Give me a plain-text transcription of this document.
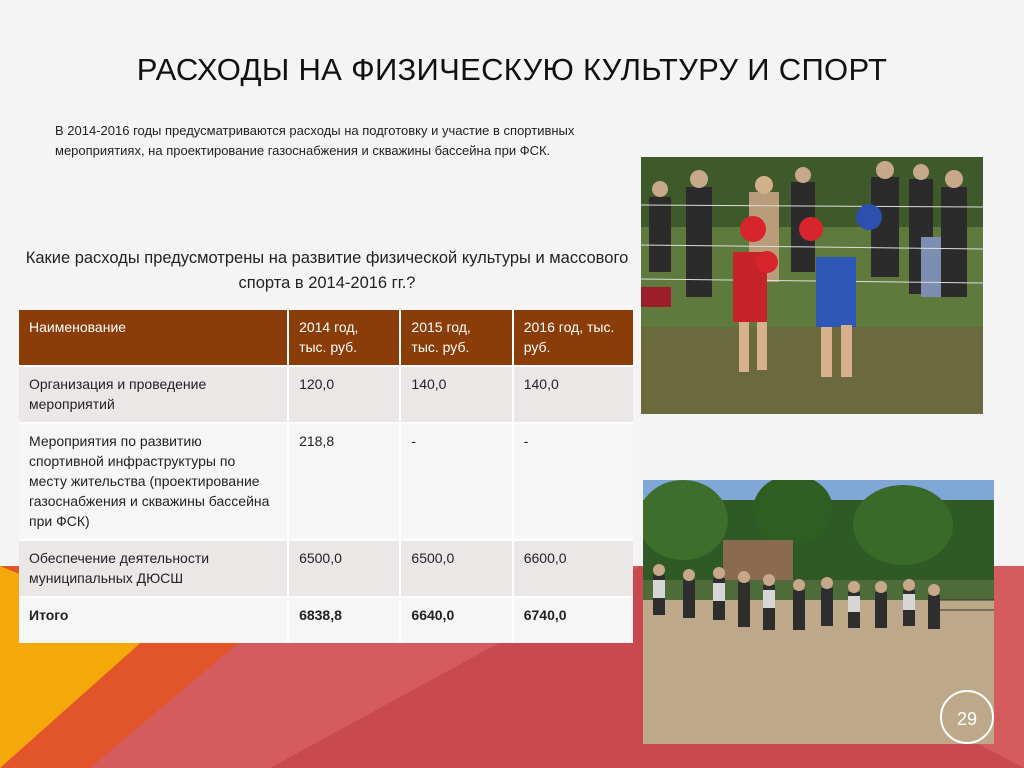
РАСХОДЫ НА ФИЗИЧЕСКУЮ КУЛЬТУРУ И СПОРТ

В 2014-2016 годы предусматриваются расходы на подготовку и участие в спортивных мероприятиях, на проектирование газоснабжения и скважины бассейна при ФСК.

Какие расходы предусмотрены на развитие физической культуры и массового спорта в 2014-2016 гг.?

Наименование	2014 год, тыс. руб.	2015 год, тыс. руб.	2016 год, тыс. руб.
Организация и проведение мероприятий	120,0	140,0	140,0
Мероприятия по развитию спортивной инфраструктуры по месту жительства (проектирование газоснабжения и скважины бассейна при ФСК)	218,8	-	-
Обеспечение деятельности муниципальных ДЮСШ	6500,0	6500,0	6600,0
Итого	6838,8	6640,0	6740,0
29
